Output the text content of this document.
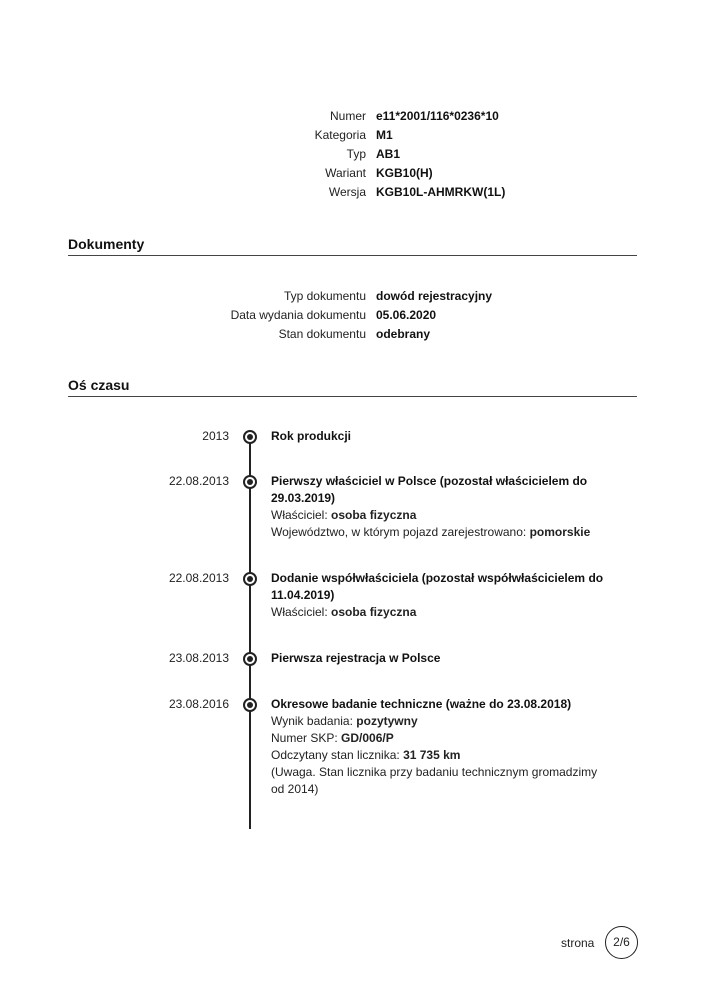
Numer e11*2001/116*0236*10
Kategoria M1
Typ AB1
Wariant KGB10(H)
Wersja KGB10L-AHMRKW(1L)
Dokumenty
Typ dokumentu dowód rejestracyjny
Data wydania dokumentu 05.06.2020
Stan dokumentu odebrany
Oś czasu
2013	Rok produkcji
22.08.2013	Pierwszy właściciel w Polsce (pozostał właścicielem do 29.03.2019)
Właściciel: osoba fizyczna
Województwo, w którym pojazd zarejestrowano: pomorskie
22.08.2013	Dodanie współwłaściciela (pozostał współwłaścicielem do 11.04.2019)
Właściciel: osoba fizyczna
23.08.2013	Pierwsza rejestracja w Polsce
23.08.2016	Okresowe badanie techniczne (ważne do 23.08.2018)
Wynik badania: pozytywny
Numer SKP: GD/006/P
Odczytany stan licznika: 31 735 km
(Uwaga. Stan licznika przy badaniu technicznym gromadzimy od 2014)
strona	2/6
